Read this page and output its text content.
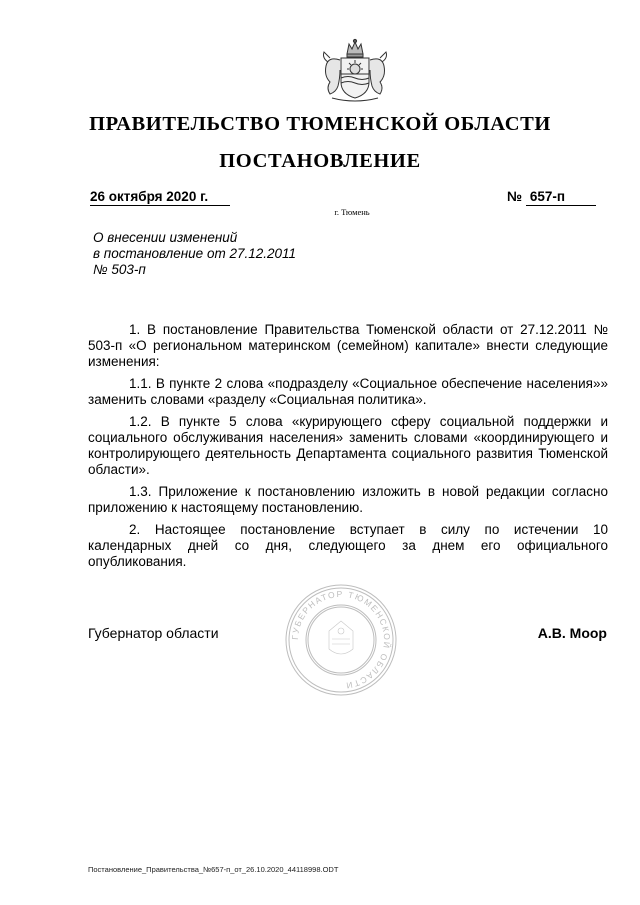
ПРАВИТЕЛЬСТВО ТЮМЕНСКОЙ ОБЛАСТИ
ПОСТАНОВЛЕНИЕ
26 октября 2020 г.	№ 657-п
г. Тюмень
О внесении изменений
в постановление от 27.12.2011
№ 503-п

1. В постановление Правительства Тюменской области от 27.12.2011 № 503-п «О региональном материнском (семейном) капитале» внести следующие изменения:

1.1. В пункте 2 слова «подразделу «Социальное обеспечение населения»» заменить словами «разделу «Социальная политика».

1.2. В пункте 5 слова «курирующего сферу социальной поддержки и социального обслуживания населения» заменить словами «координирующего и контролирующего деятельность Департамента социального развития Тюменской области».

1.3. Приложение к постановлению изложить в новой редакции согласно приложению к настоящему постановлению.

2. Настоящее постановление вступает в силу по истечении 10 календарных дней со дня, следующего за днем его официального опубликования.

ГУБЕРНАТОР ТЮМЕНСКОЙ ОБЛАСТИ
Губернатор области	А.В. Моор
Постановление_Правительства_№657-п_от_26.10.2020_44118998.ODT
